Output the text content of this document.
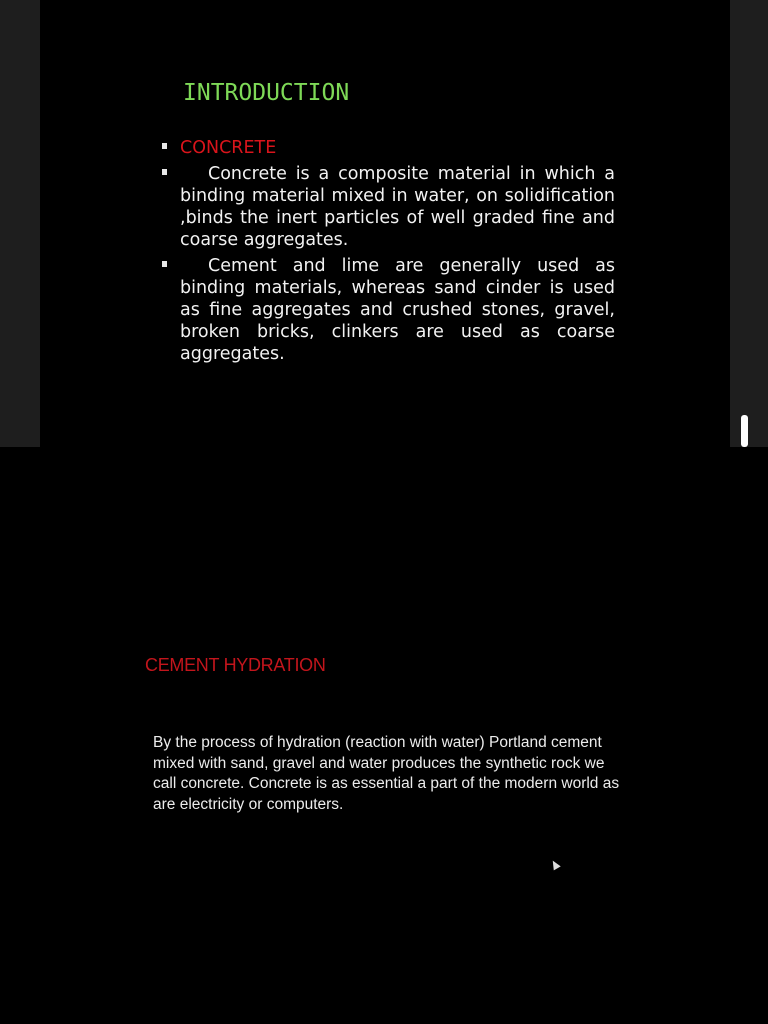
INTRODUCTION
CONCRETE
Concrete is a composite material in which a binding material mixed in water, on solidification ,binds the inert particles of well graded fine and coarse aggregates.
Cement and lime are generally used as binding materials, whereas sand cinder is used as fine aggregates and crushed stones, gravel, broken bricks, clinkers are used as coarse aggregates.
CEMENT HYDRATION

By the process of hydration (reaction with water) Portland cement mixed with sand, gravel and water produces the synthetic rock we call concrete. Concrete is as essential a part of the modern world as are electricity or computers.
